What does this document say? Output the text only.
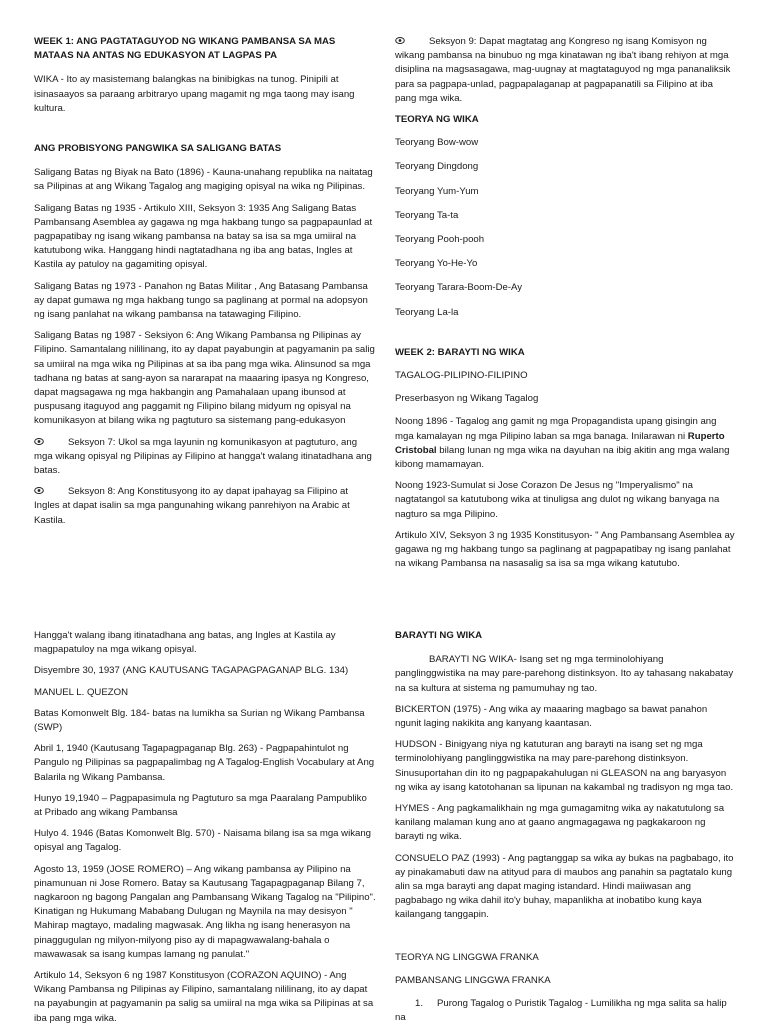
WEEK 1: ANG PAGTATAGUYOD NG WIKANG PAMBANSA SA MAS MATAAS NA ANTAS NG EDUKASYON AT LAGPAS PA

WIKA - Ito ay masistemang balangkas na binibigkas na tunog. Pinipili at isinasaayos sa paraang arbitraryo upang magamit ng mga taong may isang kultura.

ANG PROBISYONG PANGWIKA SA SALIGANG BATAS

Saligang Batas ng Biyak na Bato (1896) - Kauna-unahang republika na naitatag sa Pilipinas at ang Wikang Tagalog ang magiging opisyal na wika ng Pilipinas.

Saligang Batas ng 1935 - Artikulo XIII, Seksyon 3: 1935 Ang Saligang Batas Pambansang Asemblea ay gagawa ng mga hakbang tungo sa pagpapaunlad at pagpapatibay ng isang wikang pambansa na batay sa isa sa mga umiiral na katutubong wika. Hanggang hindi nagtatadhana ng iba ang batas, Ingles at Kastila ay patuloy na gagamiting opisyal.

Saligang Batas ng 1973 - Panahon ng Batas Militar , Ang Batasang Pambansa ay dapat gumawa ng mga hakbang tungo sa paglinang at pormal na adopsyon ng isang panlahat na wikang pambansa na tatawaging Filipino.

Saligang Batas ng 1987 - Seksiyon 6: Ang Wikang Pambansa ng Pilipinas ay Filipino. Samantalang nililinang, ito ay dapat payabungin at pagyamanin pa salig sa umiiral na mga wika ng Pilipinas at sa iba pang mga wika. Alinsunod sa mga tadhana ng batas at sang-ayon sa nararapat na maaaring ipasya ng Kongreso, dapat magsagawa ng mga hakbangin ang Pamahalaan upang ibunsod at puspusang itaguyod ang paggamit ng Filipino bilang midyum ng opisyal na komunikasyon at bilang wika ng pagtuturo sa sistemang pang-edukasyon

Seksyon 7: Ukol sa mga layunin ng komunikasyon at pagtuturo, ang mga wikang opisyal ng Pilipinas ay Filipino at hangga't walang itinatadhana ang batas.

Seksyon 8: Ang Konstitusyong ito ay dapat ipahayag sa Filipino at Ingles at dapat isalin sa mga pangunahing wikang panrehiyon na Arabic at Kastila.

Seksyon 9: Dapat magtatag ang Kongreso ng isang Komisyon ng wikang pambansa na binubuo ng mga kinatawan ng iba't ibang rehiyon at mga disiplina na magsasagawa, mag-uugnay at magtataguyod ng mga pananaliksik para sa pagpapa-unlad, pagpapalaganap at pagpapanatili sa Filipino at iba pang mga wika.

TEORYA NG WIKA

Teoryang Bow-wow

Teoryang Dingdong

Teoryang Yum-Yum

Teoryang Ta-ta

Teoryang Pooh-pooh

Teoryang Yo-He-Yo

Teoryang Tarara-Boom-De-Ay

Teoryang La-la

WEEK 2: BARAYTI NG WIKA

TAGALOG-PILIPINO-FILIPINO

Preserbasyon ng Wikang Tagalog

Noong 1896 - Tagalog ang gamit ng mga Propagandista upang gisingin ang mga kamalayan ng mga Pilipino laban sa mga banaga. Inilarawan ni Ruperto Cristobal bilang lunan ng mga wika na dayuhan na ibig akitin ang mga walang kibong mamamayan.

Noong 1923-Sumulat si Jose Corazon De Jesus ng "Imperyalismo" na nagtatangol sa katutubong wika at tinuligsa ang dulot ng wikang banyaga na nagturo sa mga Pilipino.

Artikulo XIV, Seksyon 3 ng 1935 Konstitusyon- " Ang Pambansang Asemblea ay gagawa ng mg hakbang tungo sa paglinang at pagpapatibay ng isang panlahat na wikang Pambansa na nasasalig sa isa sa mga wikang katutubo.

Hangga't walang ibang itinatadhana ang batas, ang Ingles at Kastila ay magpapatuloy na mga wikang opisyal.

Disyembre 30, 1937 (ANG KAUTUSANG TAGAPAGPAGANAP BLG. 134)

MANUEL L. QUEZON

Batas Komonwelt Blg. 184- batas na lumikha sa Surian ng Wikang Pambansa (SWP)

Abril 1, 1940 (Kautusang Tagapagpaganap Blg. 263) - Pagpapahintulot ng Pangulo ng Pilipinas sa pagpapalimbag ng A Tagalog-English Vocabulary at Ang Balarila ng Wikang Pambansa.

Hunyo 19,1940 – Pagpapasimula ng Pagtuturo sa mga Paaralang Pampubliko at Pribado ang wikang Pambansa

Hulyo 4. 1946 (Batas Komonwelt Blg. 570) - Naisama bilang isa sa mga wikang opisyal ang Tagalog.

Agosto 13, 1959 (JOSE ROMERO) – Ang wikang pambansa ay Pilipino na pinamunuan ni Jose Romero. Batay sa Kautusang Tagapagpaganap Bilang 7, nagkaroon ng bagong Pangalan ang Pambansang Wikang Tagalog na "Pilipino". Kinatigan ng Hukumang Mababang Dulugan ng Maynila na may desisyon " Mahirap magtayo, madaling magwasak. Ang likha ng isang henerasyon na pinaggugulan ng milyon-milyong piso ay di mapagwawalang-bahala o mawawasak sa isang kumpas lamang ng panulat."

Artikulo 14, Seksyon 6 ng 1987 Konstitusyon (CORAZON AQUINO) - Ang Wikang Pambansa ng Pilipinas ay Filipino, samantalang nililinang, ito ay dapat na payabungin at pagyamanin pa salig sa umiiral na mga wika sa Pilipinas at sa iba pang mga wika.

BARAYTI NG WIKA

BARAYTI NG WIKA- Isang set ng mga terminolohiyang panglinggwistika na may pare-parehong distinksyon. Ito ay tahasang nakabatay na sa kultura at sistema ng pamumuhay ng tao.

BICKERTON (1975) - Ang wika ay maaaring magbago sa bawat panahon ngunit laging nakikita ang kanyang kaantasan.

HUDSON - Binigyang niya ng katuturan ang barayti na isang set ng mga terminolohiyang panglinggwistika na may pare-parehong distinksyon. Sinusuportahan din ito ng pagpapakahulugan ni GLEASON na ang baryasyon ng wika ay isang katotohanan sa lipunan na kakambal ng tradisyon ng mga tao.

HYMES - Ang pagkamalikhain ng mga gumagamitng wika ay nakatutulong sa kanilang malaman kung ano at gaano angmagagawa ng pagkakaroon ng barayti ng wika.

CONSUELO PAZ (1993) - Ang pagtanggap sa wika ay bukas na pagbabago, ito ay pinakamabuti daw na atityud para di maubos ang panahin sa pagtatalo kung alin sa mga barayti ang dapat maging istandard. Hindi maiiwasan ang pagbabago ng wika dahil ito'y buhay, mapanlikha at inobatibo kung kaya kailangang tanggapin.

TEORYA NG LINGGWA FRANKA

PAMBANSANG LINGGWA FRANKA

1. Purong Tagalog o Puristik Tagalog - Lumilikha ng mga salita sa halip na
